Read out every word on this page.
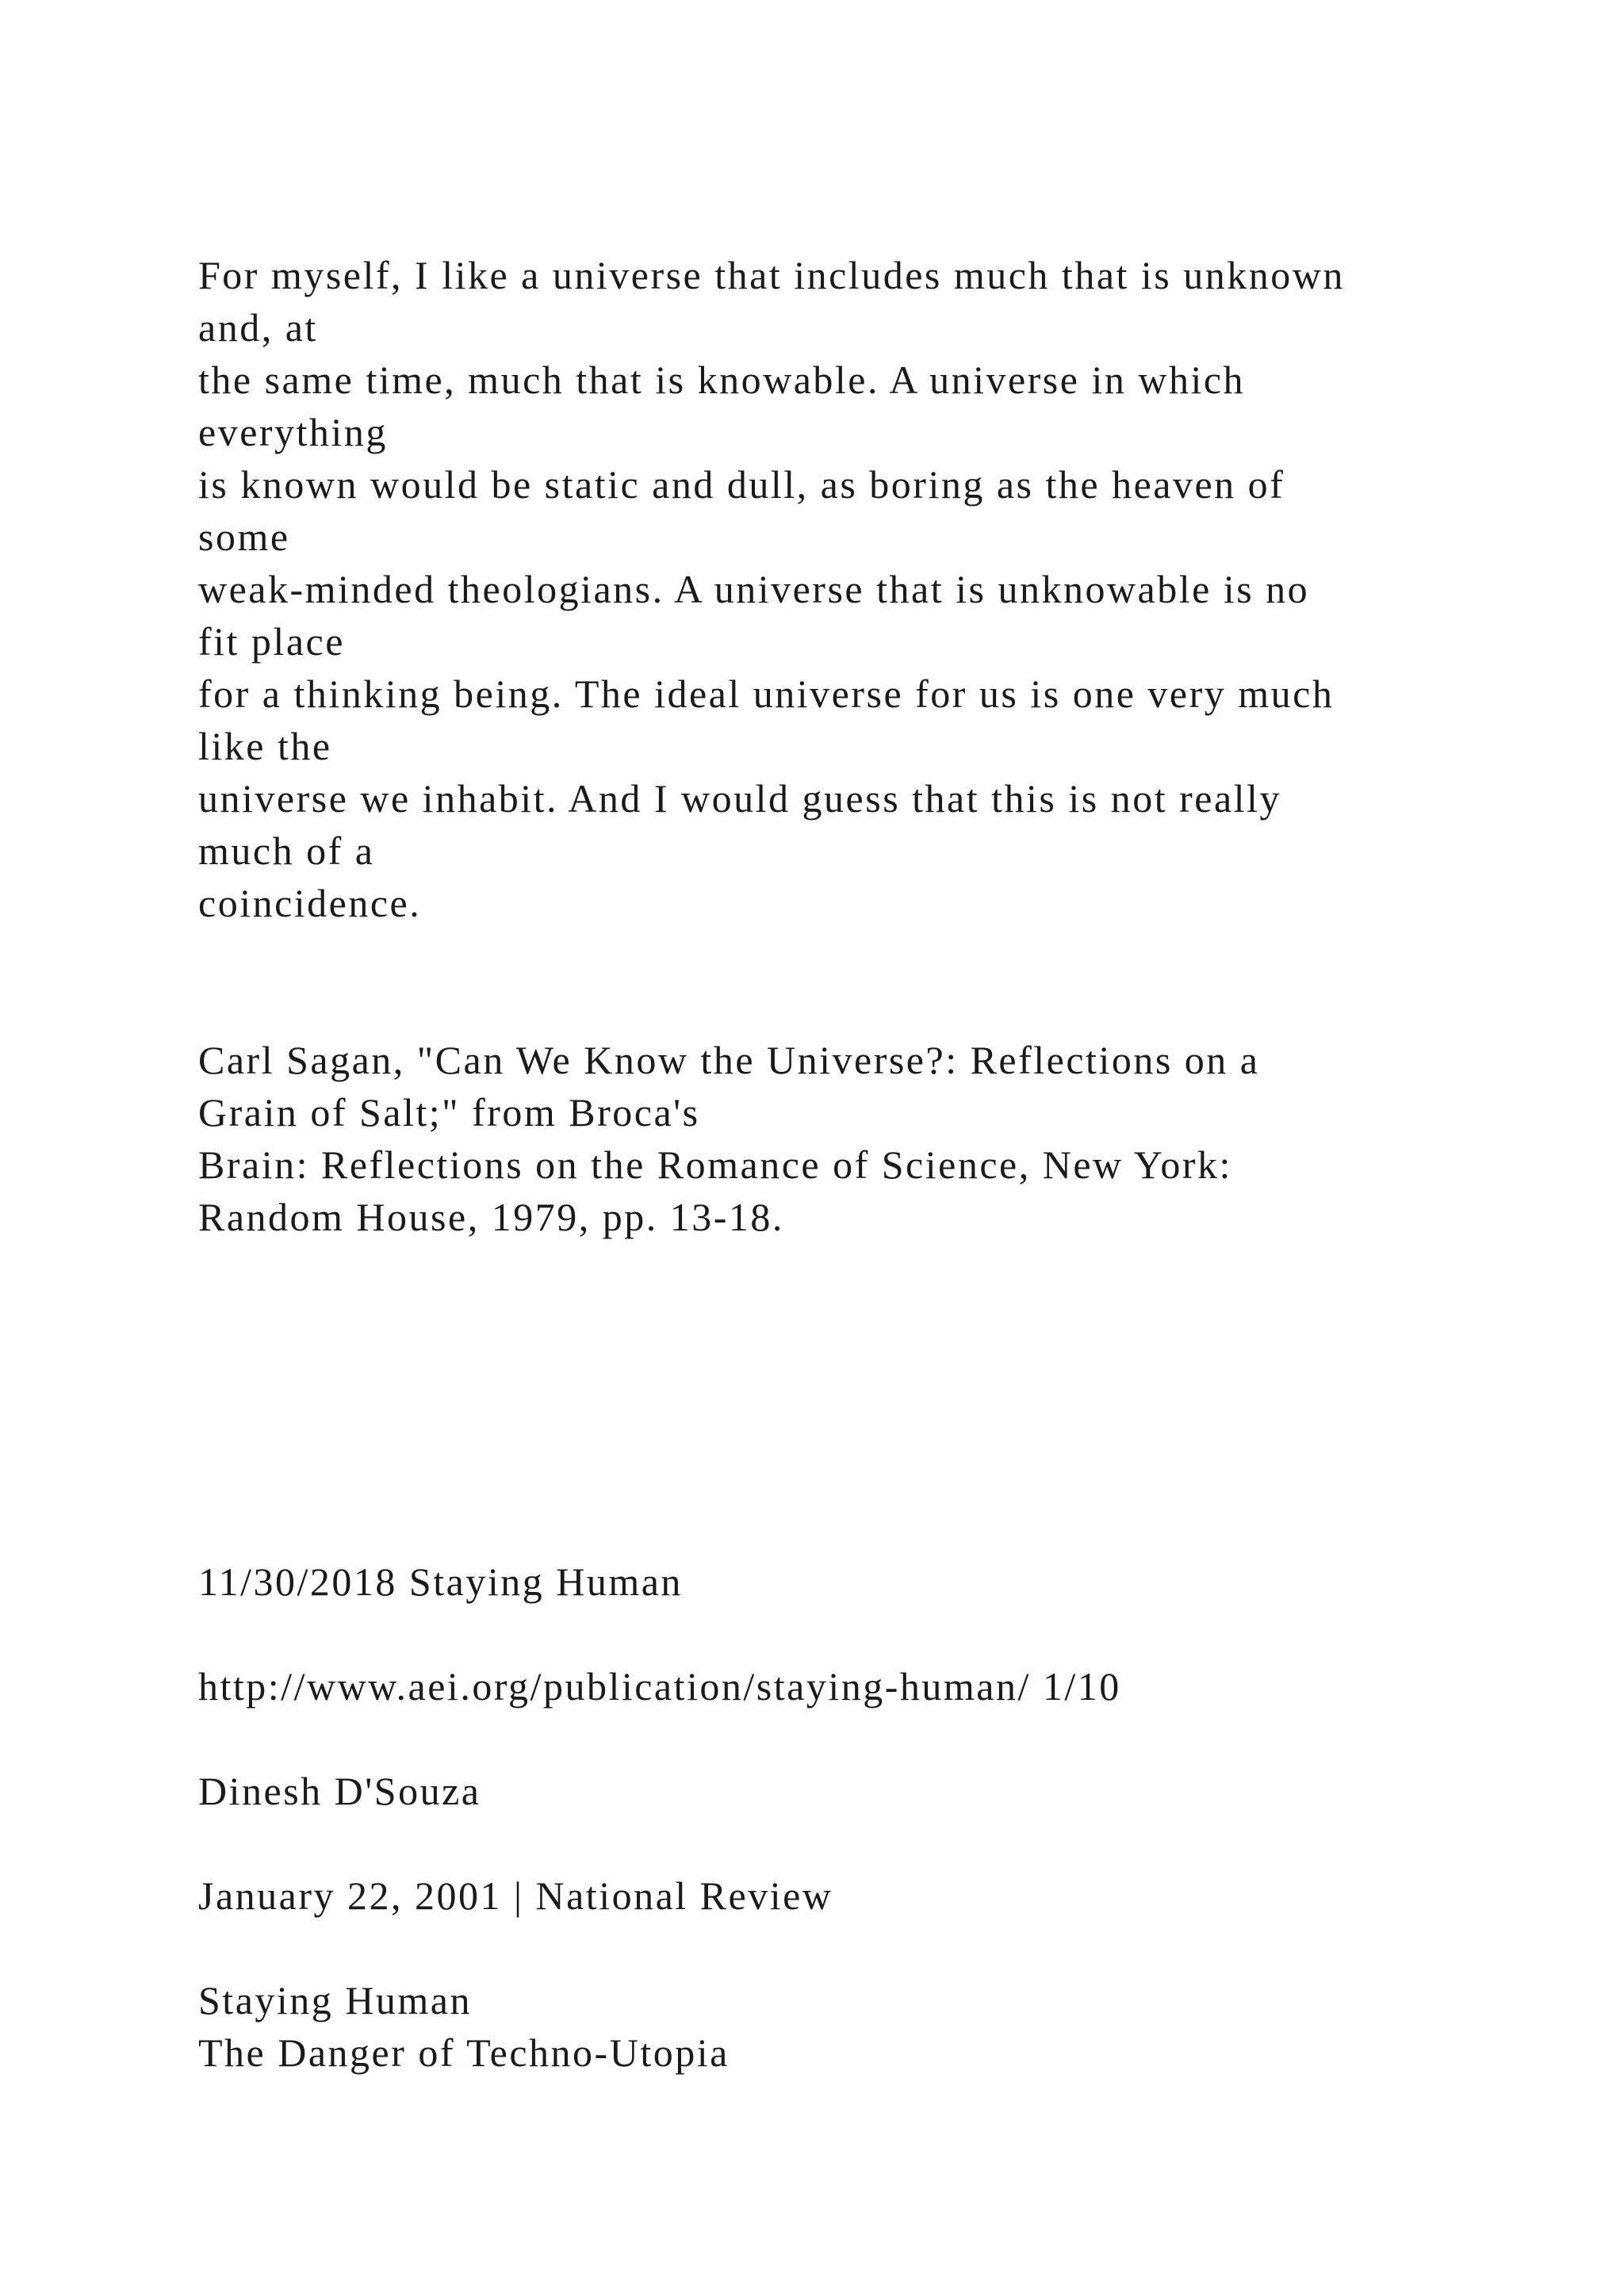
For myself, I like a universe that includes much that is unknown
and, at
the same time, much that is knowable. A universe in which
everything
is known would be static and dull, as boring as the heaven of
some
weak-minded theologians. A universe that is unknowable is no
fit place
for a thinking being. The ideal universe for us is one very much
like the
universe we inhabit. And I would guess that this is not really
much of a
coincidence.
Carl Sagan, "Can We Know the Universe?: Reflections on a
Grain of Salt;" from Broca's
Brain: Reflections on the Romance of Science, New York:
Random House, 1979, pp. 13-18.
11/30/2018 Staying Human
http://www.aei.org/publication/staying-human/ 1/10
Dinesh D'Souza
January 22, 2001 | National Review
Staying Human
The Danger of Techno-Utopia
